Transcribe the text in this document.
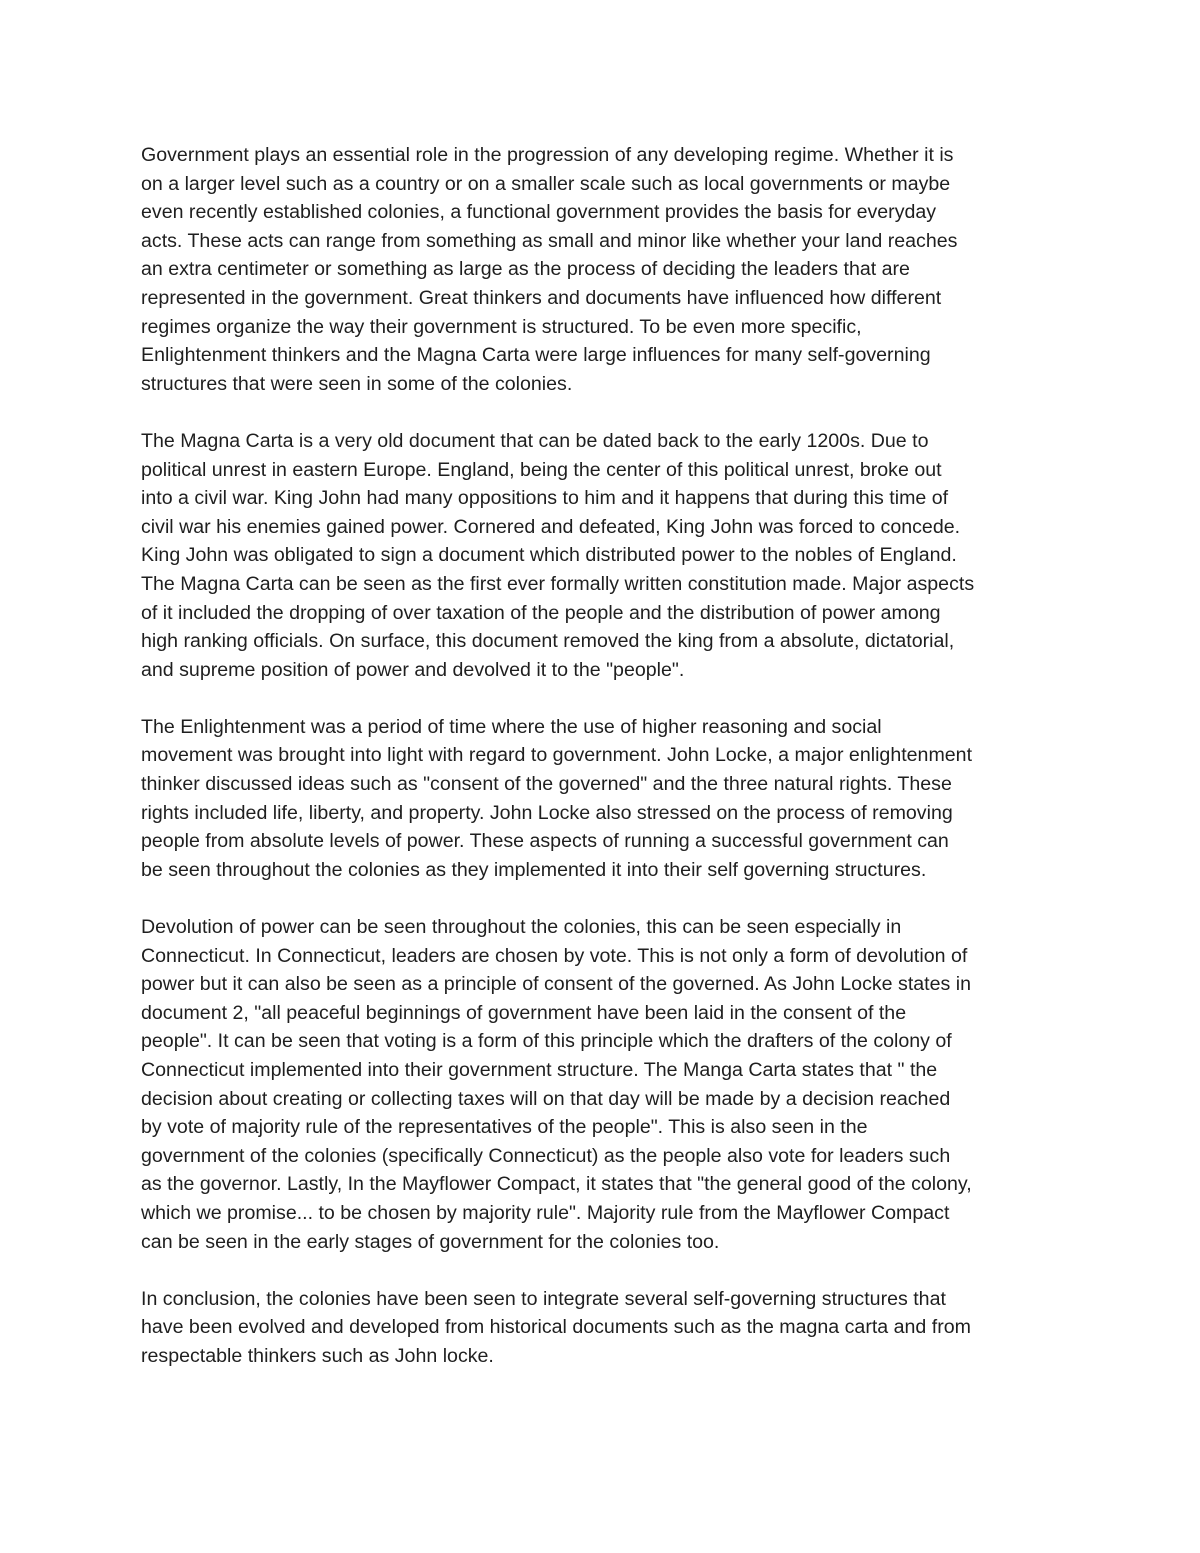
Government plays an essential role in the progression of any developing regime. Whether it is
on a larger level such as a country or on a smaller scale such as local governments or maybe
even recently established colonies, a functional government provides the basis for everyday
acts. These acts can range from something as small and minor like whether your land reaches
an extra centimeter or something as large as the process of deciding the leaders that are
represented in the government. Great thinkers and documents have influenced how different
regimes organize the way their government is structured. To be even more specific,
Enlightenment thinkers and the Magna Carta were large influences for many self-governing
structures that were seen in some of the colonies.

The Magna Carta is a very old document that can be dated back to the early 1200s. Due to
political unrest in eastern Europe. England, being the center of this political unrest, broke out
into a civil war. King John had many oppositions to him and it happens that during this time of
civil war his enemies gained power. Cornered and defeated, King John was forced to concede.
King John was obligated to sign a document which distributed power to the nobles of England.
The Magna Carta can be seen as the first ever formally written constitution made. Major aspects
of it included the dropping of over taxation of the people and the distribution of power among
high ranking officials. On surface, this document removed the king from a absolute, dictatorial,
and supreme position of power and devolved it to the "people".

The Enlightenment was a period of time where the use of higher reasoning and social
movement was brought into light with regard to government. John Locke, a major enlightenment
thinker discussed ideas such as "consent of the governed" and the three natural rights. These
rights included life, liberty, and property. John Locke also stressed on the process of removing
people from absolute levels of power. These aspects of running a successful government can
be seen throughout the colonies as they implemented it into their self governing structures.

Devolution of power can be seen throughout the colonies, this can be seen especially in
Connecticut. In Connecticut, leaders are chosen by vote. This is not only a form of devolution of
power but it can also be seen as a principle of consent of the governed. As John Locke states in
document 2, "all peaceful beginnings of government have been laid in the consent of the
people". It can be seen that voting is a form of this principle which the drafters of the colony of
Connecticut implemented into their government structure. The Manga Carta states that " the
decision about creating or collecting taxes will on that day will be made by a decision reached
by vote of majority rule of the representatives of the people". This is also seen in the
government of the colonies (specifically Connecticut) as the people also vote for leaders such
as the governor. Lastly, In the Mayflower Compact, it states that "the general good of the colony,
which we promise... to be chosen by majority rule". Majority rule from the Mayflower Compact
can be seen in the early stages of government for the colonies too.

In conclusion, the colonies have been seen to integrate several self-governing structures that
have been evolved and developed from historical documents such as the magna carta and from
respectable thinkers such as John locke.
